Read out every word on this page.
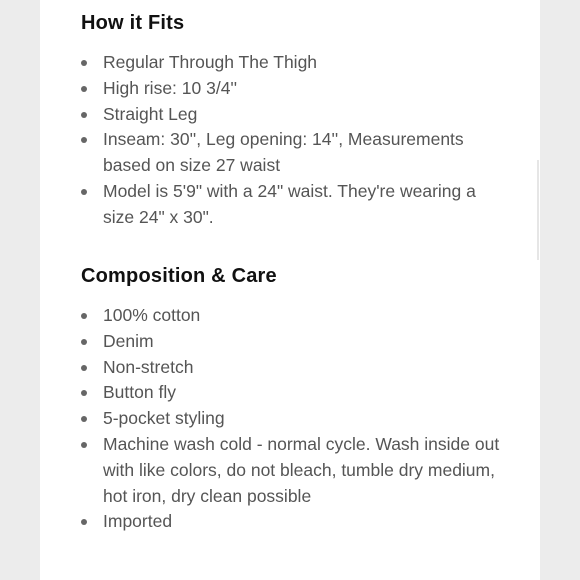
How it Fits
Regular Through The Thigh
High rise: 10 3/4''
Straight Leg
Inseam: 30'', Leg opening: 14'', Measurements based on size 27 waist
Model is 5'9" with a 24" waist. They're wearing a size 24" x 30".
Composition & Care
100% cotton
Denim
Non-stretch
Button fly
5-pocket styling
Machine wash cold - normal cycle. Wash inside out with like colors, do not bleach, tumble dry medium, hot iron, dry clean possible
Imported
